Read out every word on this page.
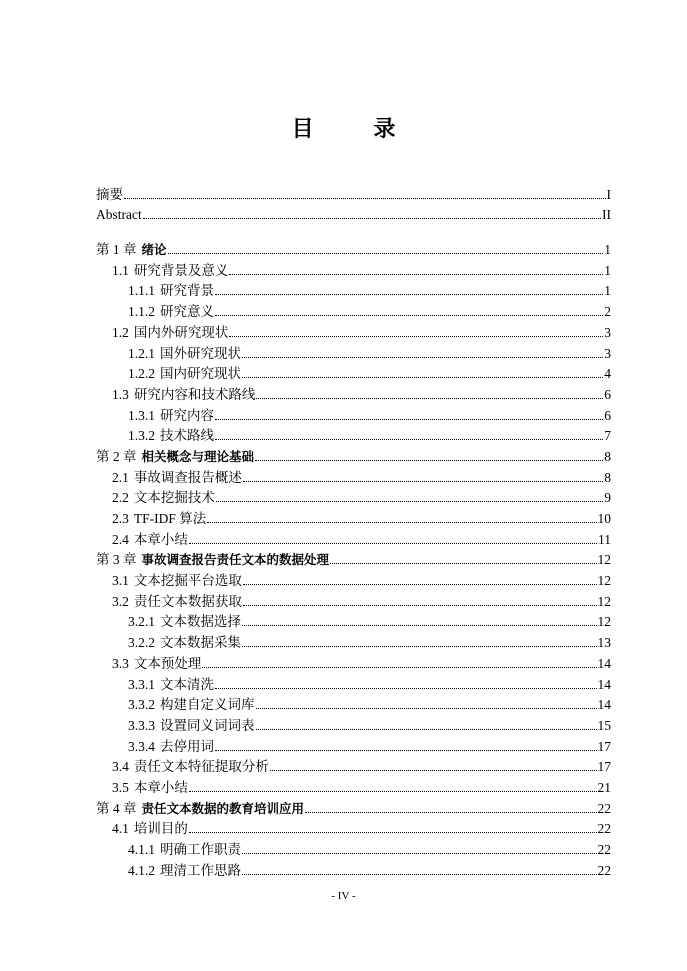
目 录
摘要	I
Abstract	II
第 1 章 绪论	1
1.1 研究背景及意义	1
1.1.1 研究背景	1
1.1.2 研究意义	2
1.2 国内外研究现状	3
1.2.1 国外研究现状	3
1.2.2 国内研究现状	4
1.3 研究内容和技术路线	6
1.3.1 研究内容	6
1.3.2 技术路线	7
第 2 章 相关概念与理论基础	8
2.1 事故调查报告概述	8
2.2 文本挖掘技术	9
2.3 TF-IDF 算法	10
2.4 本章小结	11
第 3 章 事故调查报告责任文本的数据处理	12
3.1 文本挖掘平台选取	12
3.2 责任文本数据获取	12
3.2.1 文本数据选择	12
3.2.2 文本数据采集	13
3.3 文本预处理	14
3.3.1 文本清洗	14
3.3.2 构建自定义词库	14
3.3.3 设置同义词词表	15
3.3.4 去停用词	17
3.4 责任文本特征提取分析	17
3.5 本章小结	21
第 4 章 责任文本数据的教育培训应用	22
4.1 培训目的	22
4.1.1 明确工作职责	22
4.1.2 理清工作思路	22
- IV -
